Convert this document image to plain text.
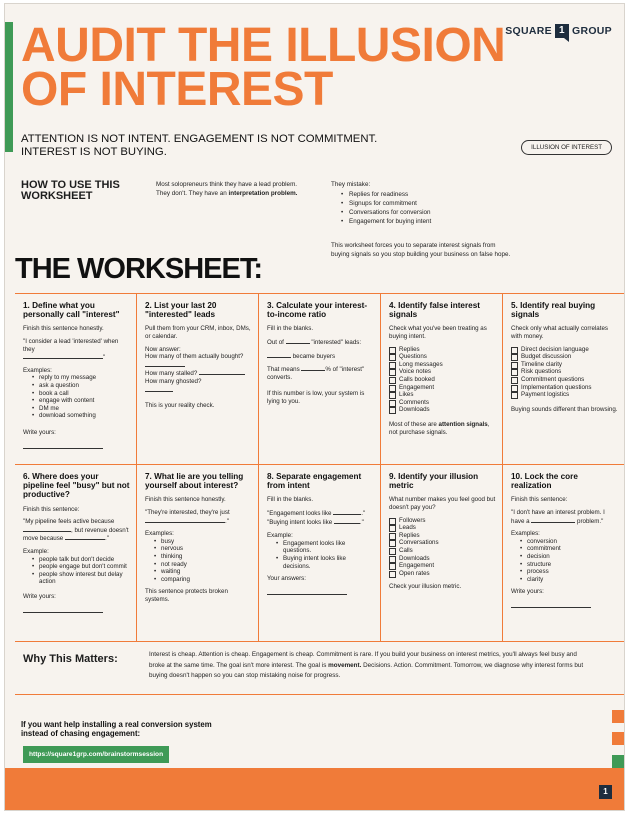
AUDIT THE ILLUSION
OF INTEREST
SQUARE 1 GROUP
ATTENTION IS NOT INTENT. ENGAGEMENT IS NOT COMMITMENT.
INTEREST IS NOT BUYING.	ILLUSION OF INTEREST
HOW TO USE THIS
WORKSHEET
Most solopreneurs think they have a lead problem. They don't. They have an interpretation problem.
They mistake:
• Replies for readiness
• Signups for commitment
• Conversations for conversion
• Engagement for buying intent
This worksheet forces you to separate interest signals from buying signals so you stop building your business on false hope.
THE WORKSHEET:
1. Define what you personally call "interest"

Finish this sentence honestly.

"I consider a lead 'interested' when they
"

Examples:
• reply to my message
• ask a question
• book a call
• engage with content
• DM me
• download something

Write yours:

2. List your last 20 "interested" leads

Pull them from your CRM, inbox, DMs, or calendar.

Now answer:
How many of them actually bought?
How many stalled?
How many ghosted?

This is your reality check.

3. Calculate your interest-to-income ratio

Fill in the blanks.

Out of	"interested" leads:

became buyers

That means	% of "interest" converts.

If this number is low, your system is lying to you.

4. Identify false interest signals

Check what you've been treating as buying intent.

Replies
Questions
Long messages
Voice notes
Calls booked
Engagement
Likes
Comments
Downloads

Most of these are attention signals, not purchase signals.

5. Identify real buying signals

Check only what actually correlates with money.

Direct decision language
Budget discussion
Timeline clarity
Risk questions
Commitment questions
Implementation questions
Payment logistics

Buying sounds different than browsing.

6. Where does your pipeline feel "busy" but not productive?

Finish this sentence:

"My pipeline feels active because , but revenue doesn't move because	."

Example:
• people talk but don't decide
• people engage but don't commit
• people show interest but delay action

Write yours:

7. What lie are you telling yourself about interest?

Finish this sentence honestly.

"They're interested, they're just
."

Examples:
• busy
• nervous
• thinking
• not ready
• waiting
• comparing

This sentence protects broken systems.

8. Separate engagement from intent

Fill in the blanks.

"Engagement looks like	."
"Buying intent looks like	."
Example:
• Engagement looks like questions.
• Buying intent looks like decisions.

Your answers:

9. Identify your illusion metric

What number makes you feel good but doesn't pay you?

Followers
Leads
Replies
Conversations
Calls
Downloads
Engagement
Open rates

Check your illusion metric.

10. Lock the core realization

Finish this sentence:

"I don't have an interest problem. I have a	problem."

Examples:
• conversion
• commitment
• decision
• structure
• process
• clarity

Write yours:

Why This Matters:	Interest is cheap. Attention is cheap. Engagement is cheap. Commitment is rare. If you build your business on interest metrics, you'll always feel busy and broke at the same time. The goal isn't more interest. The goal is movement. Decisions. Action. Commitment. Tomorrow, we diagnose why interest forms but buying doesn't happen so you can stop mistaking noise for progress.
If you want help installing a real conversion system instead of chasing engagement:
https://square1grp.com/brainstormsession
1
